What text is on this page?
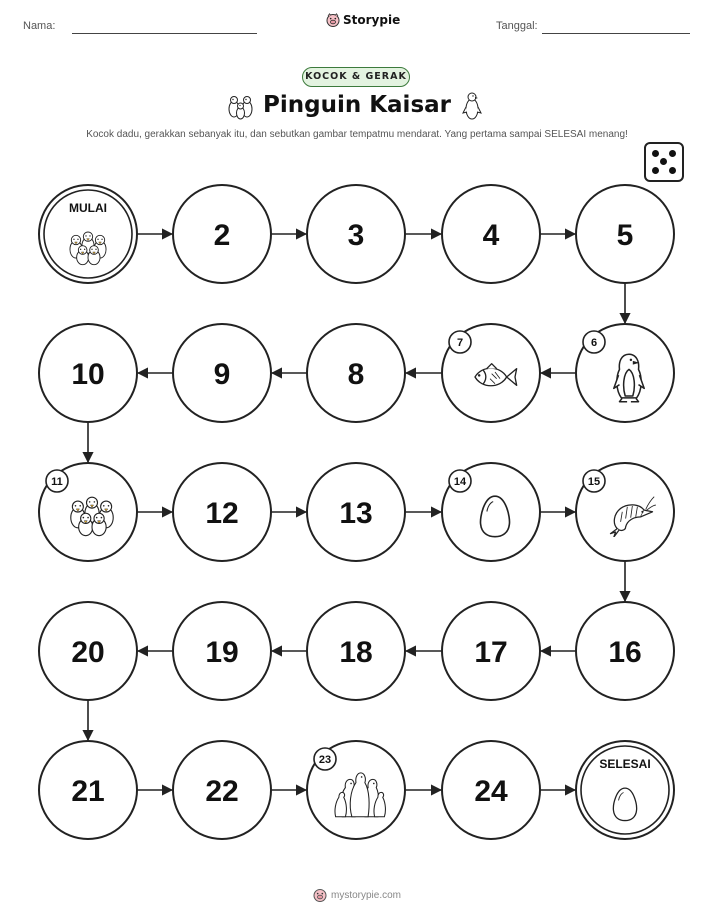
Nama:	Storypie	Tanggal:
KOCOK & GERAK
Pinguin Kaisar
Kocok dadu, gerakkan sebanyak itu, dan sebutkan gambar tempatmu mendarat. Yang pertama sampai SELESAI menang!
MULAI
2	3	4	5
6
7
8
9
10
11
12	13
14	15
16
17
18
19
20
21	22
23
24
SELESAI
mystorypie.com
